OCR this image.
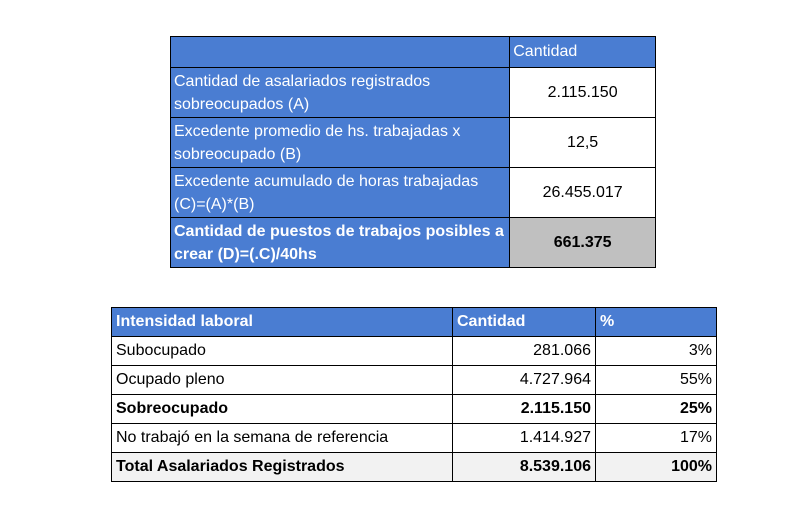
	Cantidad
Cantidad de asalariados registrados sobreocupados (A)	2.115.150
Excedente promedio de hs. trabajadas x sobreocupado (B)	12,5
Excedente acumulado de horas trabajadas (C)=(A)*(B)	26.455.017
Cantidad de puestos de trabajos posibles a crear (D)=(.C)/40hs	661.375
Intensidad laboral	Cantidad	%
Subocupado	281.066	3%
Ocupado pleno	4.727.964	55%
Sobreocupado	2.115.150	25%
No trabajó en la semana de referencia	1.414.927	17%
Total Asalariados Registrados	8.539.106	100%
